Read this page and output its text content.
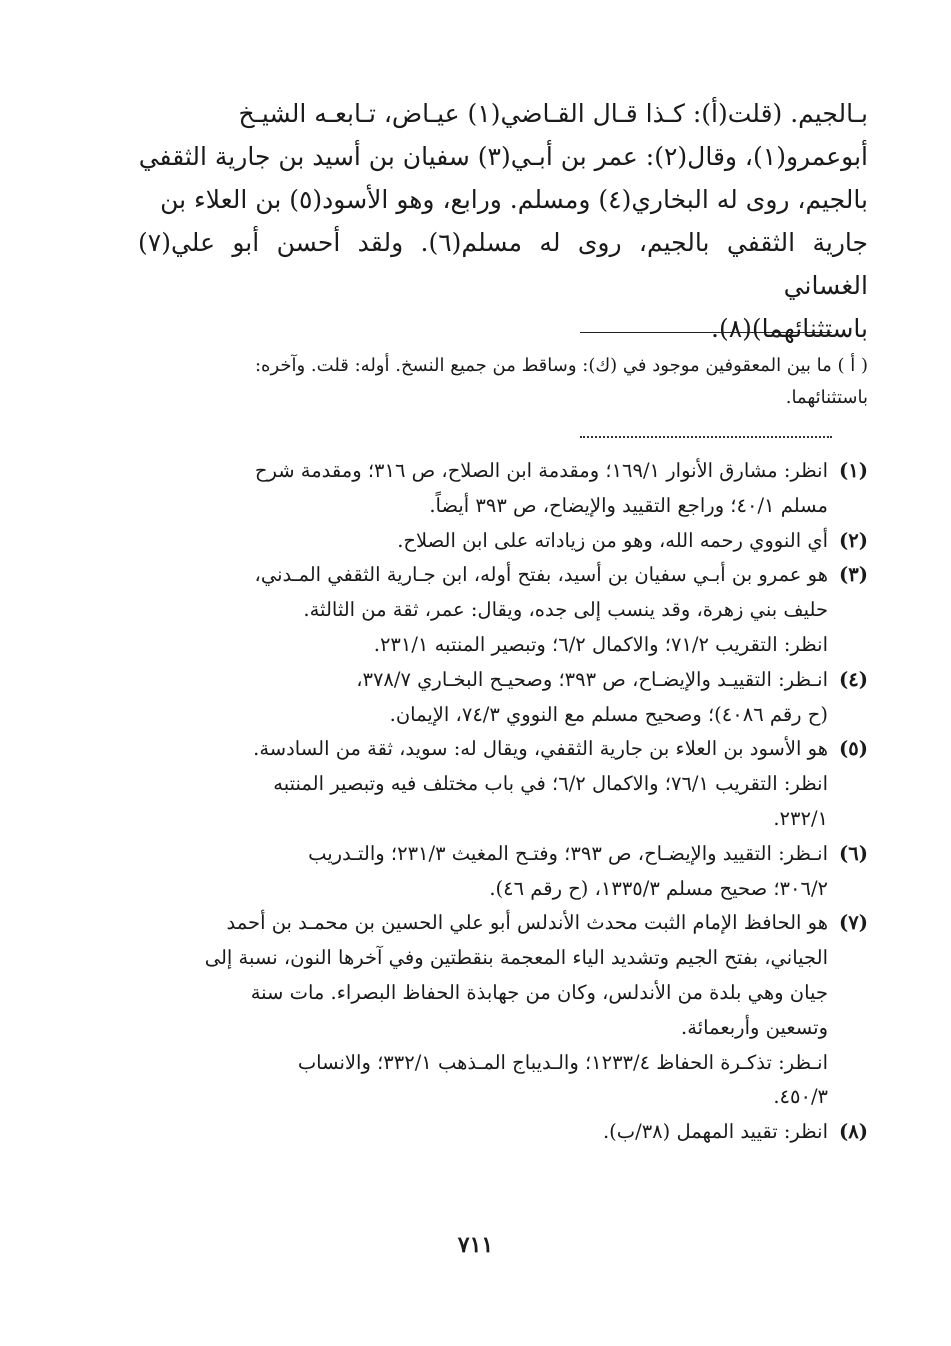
بـالجيم. (قلت(أ): كـذا قـال القـاضي(١) عيـاض، تـابعـه الشيـخ

أبوعمرو(١)، وقال(٢): عمر بن أبـي(٣) سفيان بن أسيد بن جارية الثقفي

بالجيم، روى له البخاري(٤) ومسلم. ورابع، وهو الأسود(٥) بن العلاء بن

جارية الثقفي بالجيم، روى له مسلم(٦). ولقد أحسن أبو علي(٧) الغساني

باستثنائهما)(٨).

( أ ) ما بين المعقوفين موجود في (ك): وساقط من جميع النسخ. أوله: قلت. وآخره:

باستثنائهما.

(١)

انظر: مشارق الأنوار ١٦٩/١؛ ومقدمة ابن الصلاح، ص ٣١٦؛ ومقدمة شرح

مسلم ٤٠/١؛ وراجع التقييد والإيضاح، ص ٣٩٣ أيضاً.

(٢)

أي النووي رحمه الله، وهو من زياداته على ابن الصلاح.

(٣)

هو عمرو بن أبـي سفيان بن أسيد، بفتح أوله، ابن جـارية الثقفي المـدني،

حليف بني زهرة، وقد ينسب إلى جده، ويقال: عمر، ثقة من الثالثة.

انظر: التقريب ٧١/٢؛ والاكمال ٦/٢؛ وتبصير المنتبه ٢٣١/١.

(٤)

انـظر: التقييـد والإيضـاح، ص ٣٩٣؛ وصحيـح البخـاري ٣٧٨/٧،

(ح رقم ٤٠٨٦)؛ وصحيح مسلم مع النووي ٧٤/٣، الإيمان.

(٥)

هو الأسود بن العلاء بن جارية الثقفي، ويقال له: سويد، ثقة من السادسة.

انظر: التقريب ٧٦/١؛ والاكمال ٦/٢؛ في باب مختلف فيه وتبصير المنتبه

٢٣٢/١.

(٦)

انـظر: التقييد والإيضـاح، ص ٣٩٣؛ وفتـح المغيث ٢٣١/٣؛ والتـدريب

٣٠٦/٢؛ صحيح مسلم ١٣٣٥/٣، (ح رقم ٤٦).

(٧)

هو الحافظ الإمام الثبت محدث الأندلس أبو علي الحسين بن محمـد بن أحمد

الجياني، بفتح الجيم وتشديد الياء المعجمة بنقطتين وفي آخرها النون، نسبة إلى

جيان وهي بلدة من الأندلس، وكان من جهابذة الحفاظ البصراء. مات سنة

وتسعين وأربعمائة.

انـظر: تذكـرة الحفاظ ١٢٣٣/٤؛ والـديباج المـذهب ٣٣٢/١؛ والانساب

٤٥٠/٣.

(٨)

انظر: تقييد المهمل (٣٨/ب).

٧١١
